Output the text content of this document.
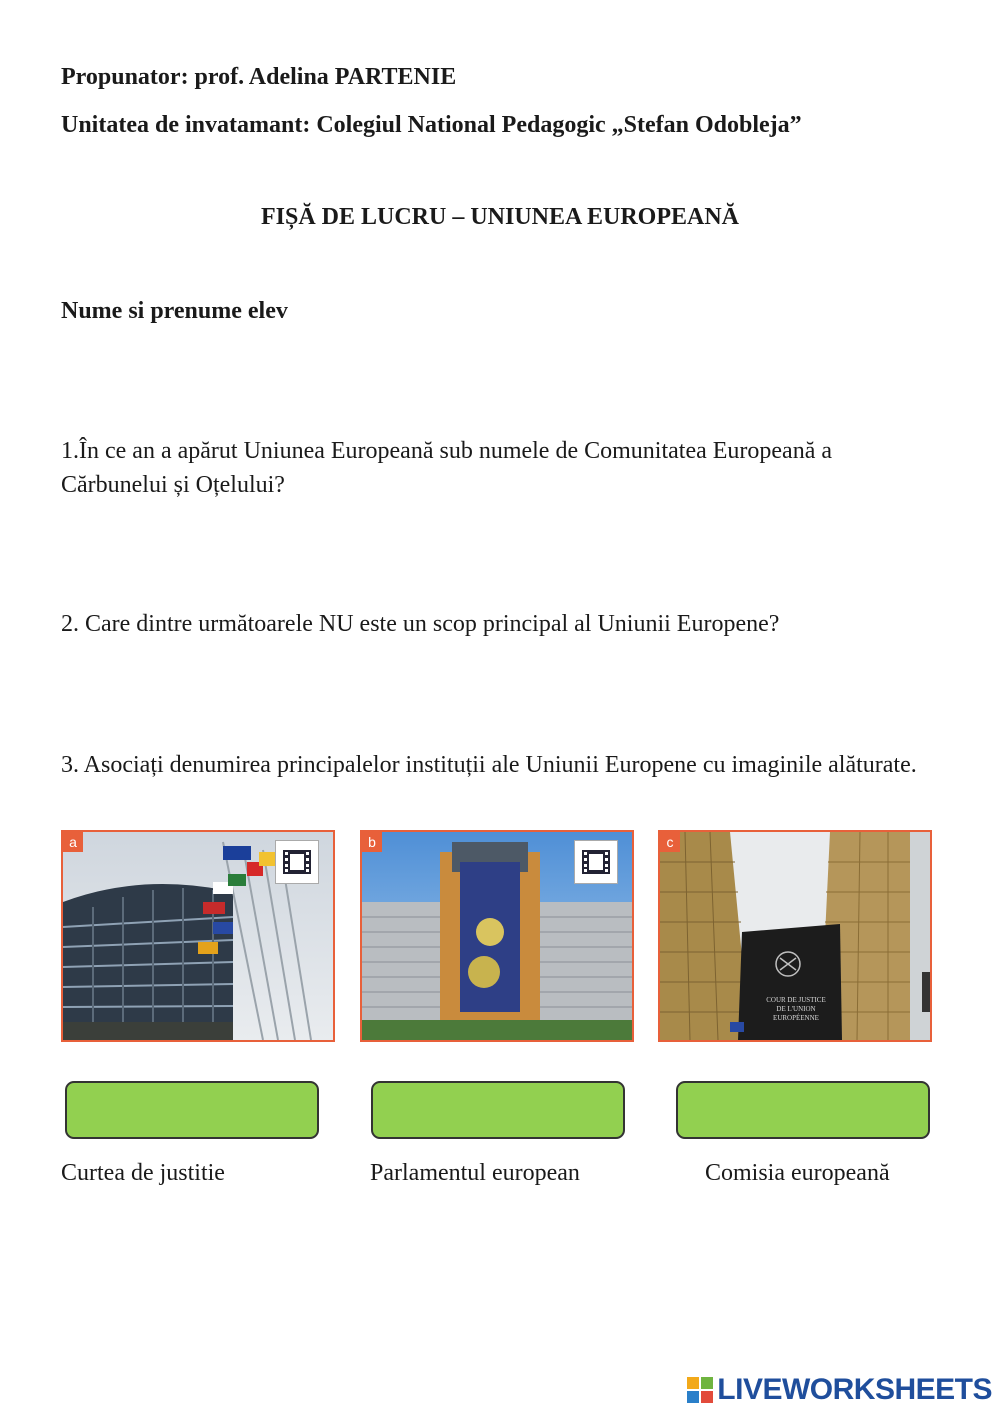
Propunator: prof. Adelina PARTENIE
Unitatea de invatamant: Colegiul National Pedagogic „Stefan Odobleja”
FIȘĂ DE LUCRU – UNIUNEA EUROPEANĂ
Nume si prenume elev
1.În ce an a apărut Uniunea Europeană sub numele de Comunitatea Europeană a Cărbunelui și Oțelului?
2. Care dintre următoarele NU este un scop principal al Uniunii Europene?
3. Asociați denumirea principalelor instituții ale Uniunii Europene cu imaginile alăturate.
a	b	c
COUR DE JUSTICE
DE L'UNION
EUROPÉENNE
Curtea de justitie	Parlamentul european	Comisia europeană
LIVEWORKSHEETS
